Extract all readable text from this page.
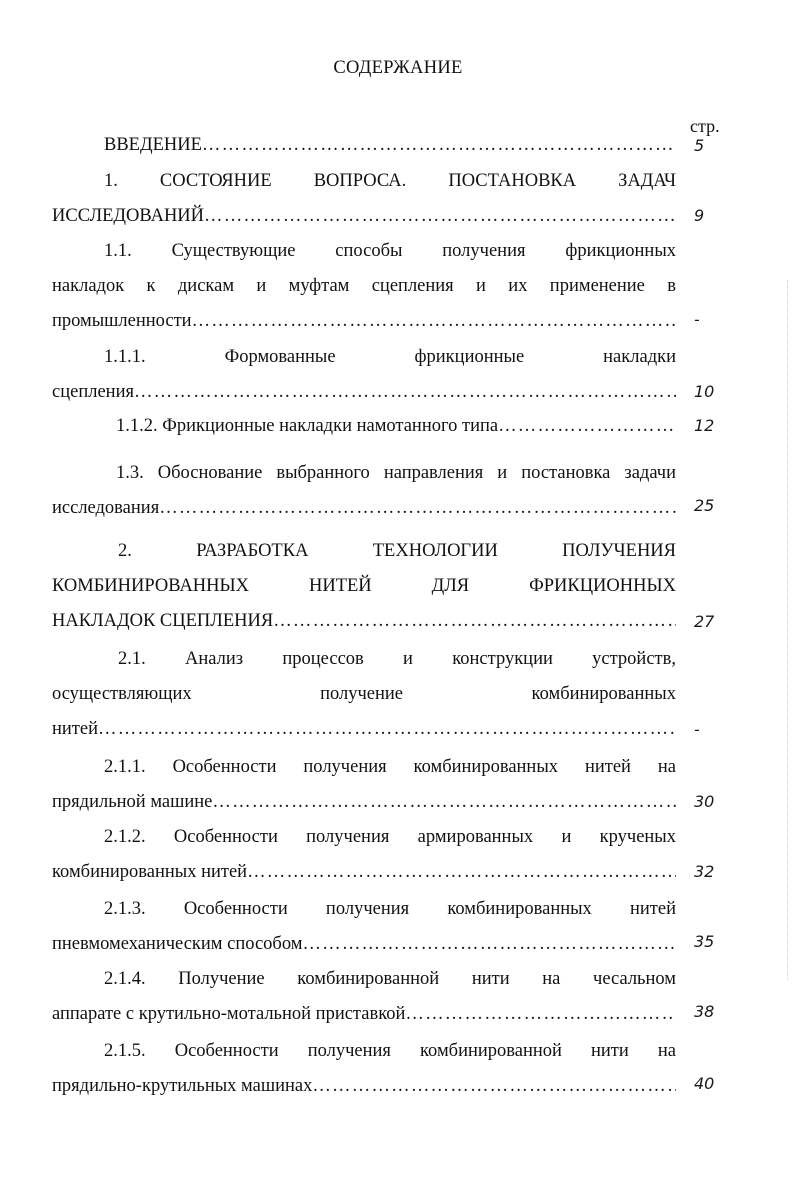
СОДЕРЖАНИЕ
стр.
ВВЕДЕНИЕ ……………………………………………………………………………………………………………………	5
1. СОСТОЯНИЕ ВОПРОСА. ПОСТАНОВКА ЗАДАЧ
ИССЛЕДОВАНИЙ ……………………………………………………………………………………………………………………	9
1.1. Существующие способы получения фрикционных
накладок к дискам и муфтам сцепления и их применение в
промышленности ……………………………………………………………………………………………………………………	-
1.1.1. Формованные фрикционные накладки
сцепления ……………………………………………………………………………………………………………………	10
1.1.2. Фрикционные накладки намотанного типа ……………………………………………………………………………………………………………………	12
1.3. Обоснование выбранного направления и постановка задачи
исследования ……………………………………………………………………………………………………………………	25
2. РАЗРАБОТКА ТЕХНОЛОГИИ ПОЛУЧЕНИЯ
КОМБИНИРОВАННЫХ НИТЕЙ ДЛЯ ФРИКЦИОННЫХ
НАКЛАДОК СЦЕПЛЕНИЯ ……………………………………………………………………………………………………………………	27
2.1. Анализ процессов и конструкции устройств,
осуществляющих получение комбинированных
нитей ……………………………………………………………………………………………………………………	-
2.1.1. Особенности получения комбинированных нитей на
прядильной машине ……………………………………………………………………………………………………………………	30
2.1.2. Особенности получения армированных и крученых
комбинированных нитей ……………………………………………………………………………………………………………………	32
2.1.3. Особенности получения комбинированных нитей
пневмомеханическим способом ……………………………………………………………………………………………………………………	35
2.1.4. Получение комбинированной нити на чесальном
аппарате с крутильно-мотальной приставкой ……………………………………………………………………………………………………………………	38
2.1.5. Особенности получения комбинированной нити на
прядильно-крутильных машинах ……………………………………………………………………………………………………………………	40
